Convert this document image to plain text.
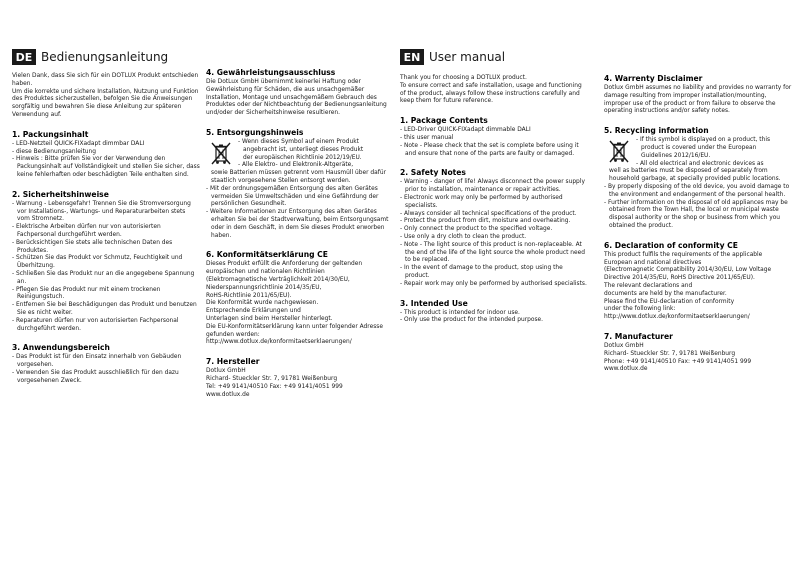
DE Bedienungsanleitung
Vielen Dank, dass Sie sich für ein DOTLUX Produkt entschieden haben.
Um die korrekte und sichere Installation, Nutzung und Funktion des Produktes sicherzustellen, befolgen Sie die Anweisungen sorgfältig und bewahren Sie diese Anleitung zur späteren Verwendung auf.
1. Packungsinhalt
- LED-Netzteil QUICK-FIXadapt dimmbar DALI
- diese Bedienungsanleitung
- Hinweis : Bitte prüfen Sie vor der Verwendung den Packungsinhalt auf Vollständigkeit und stellen Sie sicher, dass keine fehlerhaften oder beschädigten Teile enthalten sind.
2. Sicherheitshinweise
- Warnung - Lebensgefahr! Trennen Sie die Stromversorgung vor Installations-, Wartungs- und Reparaturarbeiten stets vom Stromnetz.
- Elektrische Arbeiten dürfen nur von autorisierten Fachpersonal durchgeführt werden.
- Berücksichtigen Sie stets alle technischen Daten des Produktes.
- Schützen Sie das Produkt vor Schmutz, Feuchtigkeit und Überhitzung.
- Schließen Sie das Produkt nur an die angegebene Spannung an.
- Pflegen Sie das Produkt nur mit einem trockenen Reinigungstuch.
- Entfernen Sie bei Beschädigungen das Produkt und benutzen Sie es nicht weiter.
- Reparaturen dürfen nur von autorisierten Fachpersonal durchgeführt werden.
3. Anwendungsbereich
- Das Produkt ist für den Einsatz innerhalb von Gebäuden vorgesehen.
- Verwenden Sie das Produkt ausschließlich für den dazu vorgesehenen Zweck.
4. Gewährleistungsausschluss
Die DotLux GmbH übernimmt keinerlei Haftung oder Gewährleistung für Schäden, die aus unsachgemäßer Installation, Montage und unsachgemäßem Gebrauch des Produktes oder der Nichtbeachtung der Bedienungsanleitung und/oder der Sicherheitshinweise resultieren.
5. Entsorgungshinweis
- Wenn dieses Symbol auf einem Produkt
angebracht ist, unterliegt dieses Produkt
der europäischen Richtlinie 2012/19/EU.
- Alle Elektro- und Elektronik-Altgeräte,
sowie Batterien müssen getrennt vom Hausmüll über dafür staatlich vorgesehene Stellen entsorgt werden.
- Mit der ordnungsgemäßen Entsorgung des alten Gerätes vermeiden Sie Umweltschäden und eine Gefährdung der persönlichen Gesundheit.
- Weitere Informationen zur Entsorgung des alten Gerätes erhalten Sie bei der Stadtverwaltung, beim Entsorgungsamt oder in dem Geschäft, in dem Sie dieses Produkt erworben haben.
6. Konformitätserklärung CE
Dieses Produkt erfüllt die Anforderung der geltenden europäischen und nationalen Richtlinien
(Elektromagnetische Verträglichkeit 2014/30/EU,
Niederspannungsrichtlinie 2014/35/EU,
RoHS-Richtlinie 2011/65/EU).
Die Konformität wurde nachgewiesen.
Entsprechende Erklärungen und
Unterlagen sind beim Hersteller hinterlegt.
Die EU-Konformitätserklärung kann unter folgender Adresse gefunden werden:
http://www.dotlux.de/konformitaetserklaerungen/
7. Hersteller
Dotlux GmbH
Richard- Stueckler Str. 7, 91781 Weißenburg
Tel: +49 9141/40510 Fax: +49 9141/4051 999
www.dotlux.de
EN User manual
Thank you for choosing a DOTLUX product.
To ensure correct and safe installation, usage and functioning of the product, always follow these instructions carefully and keep them for future reference.
1. Package Contents
- LED-Driver QUICK-FIXadapt dimmable DALI
- this user manual
- Note - Please check that the set is complete before using it and ensure that none of the parts are faulty or damaged.
2. Safety Notes
- Warning - danger of life! Always disconnect the power supply prior to installation, maintenance or repair activities.
- Electronic work may only be performed by authorised specialists.
- Always consider all technical specifications of the product.
- Protect the product from dirt, moisture and overheating.
- Only connect the product to the specified voltage.
- Use only a dry cloth to clean the product.
- Note - The light source of this product is non-replaceable. At the end of the life of the light source the whole product need to be replaced.
- In the event of damage to the product, stop using the product.
- Repair work may only be performed by authorised specialists.
3. Intended Use
- This product is intended for indoor use.
- Only use the product for the intended purpose.
4. Warrenty Disclaimer
Dotlux GmbH assumes no liability and provides no warranty for damage resulting from improper installation/mounting, improper use of the product or from failure to observe the operating instructions and/or safety notes.
5. Recycling information
- If this symbol is displayed on a product, this
product is covered under the European
Guidelines 2012/16/EU.
- All old electrical and electronic devices as
well as batteries must be disposed of separately from household garbage, at specially provided public locations.
- By properly disposing of the old device, you avoid damage to the environment and endangerment of the personal health.
- Further information on the disposal of old appliances may be obtained from the Town Hall, the local or municipal waste disposal authority or the shop or business from which you obtained the product.
6. Declaration of conformity CE
This product fulfils the requirements of the applicable European and national directives
(Electromagnetic Compatibility 2014/30/EU, Low Voltage Directive 2014/35/EU, RoHS Directive 2011/65/EU).
The relevant declarations and
documents are held by the manufacturer.
Please find the EU-declaration of conformity
under the following link:
http://www.dotlux.de/konformitaetserklaerungen/
7. Manufacturer
Dotlux GmbH
Richard- Stueckler Str. 7, 91781 Weißenburg
Phone: +49 9141/40510 Fax: +49 9141/4051 999
www.dotlux.de
